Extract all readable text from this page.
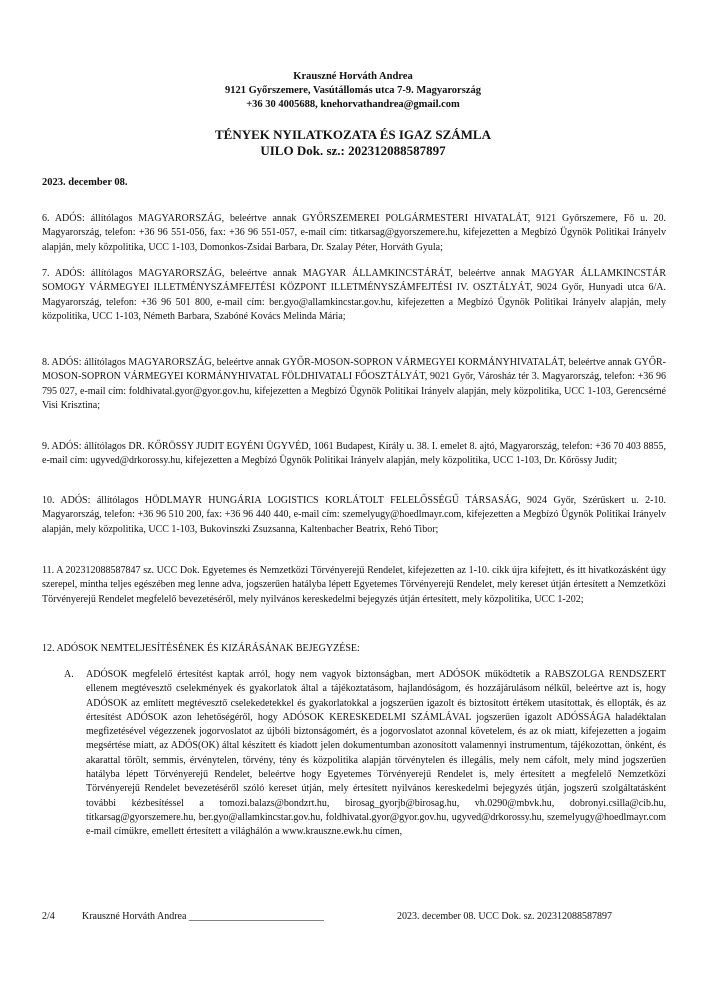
Krauszné Horváth Andrea
9121 Győrszemere, Vasútállomás utca 7-9. Magyarország
+36 30 4005688, knehorvathandrea@gmail.com
TÉNYEK NYILATKOZATA ÉS IGAZ SZÁMLA
UILO Dok. sz.: 202312088587897
2023. december 08.
6. ADÓS: állítólagos MAGYARORSZÁG, beleértve annak GYŐRSZEMEREI POLGÁRMESTERI HIVATALÁT, 9121 Győrszemere, Fő u. 20. Magyarország, telefon: +36 96 551-056, fax: +36 96 551-057, e-mail cím: titkarsag@gyorszemere.hu, kifejezetten a Megbízó Ügynök Politikai Irányelv alapján, mely közpolitika, UCC 1-103, Domonkos-Zsidai Barbara, Dr. Szalay Péter, Horváth Gyula;
7. ADÓS: állítólagos MAGYARORSZÁG, beleértve annak MAGYAR ÁLLAMKINCSTÁRÁT, beleértve annak MAGYAR ÁLLAMKINCSTÁR SOMOGY VÁRMEGYEI ILLETMÉNYSZÁMFEJTÉSI KÖZPONT ILLETMÉNYSZÁMFEJTÉSI IV. OSZTÁLYÁT, 9024 Győr, Hunyadi utca 6/A. Magyarország, telefon: +36 96 501 800, e-mail cím: ber.gyo@allamkincstar.gov.hu, kifejezetten a Megbízó Ügynök Politikai Irányelv alapján, mely közpolitika, UCC 1-103, Németh Barbara, Szabóné Kovács Melinda Mária;
8. ADÓS: állítólagos MAGYARORSZÁG, beleértve annak GYŐR-MOSON-SOPRON VÁRMEGYEI KORMÁNYHIVATALÁT, beleértve annak GYŐR-MOSON-SOPRON VÁRMEGYEI KORMÁNYHIVATAL FÖLDHIVATALI FŐOSZTÁLYÁT, 9021 Győr, Városház tér 3. Magyarország, telefon: +36 96 795 027, e-mail cím: foldhivatal.gyor@gyor.gov.hu, kifejezetten a Megbízó Ügynök Politikai Irányelv alapján, mely közpolitika, UCC 1-103, Gerencsérné Visi Krisztina;
9. ADÓS: állítólagos DR. KŐRÖSSY JUDIT EGYÉNI ÜGYVÉD, 1061 Budapest, Király u. 38. I. emelet 8. ajtó, Magyarország, telefon: +36 70 403 8855, e-mail cím: ugyved@drkorossy.hu, kifejezetten a Megbízó Ügynök Politikai Irányelv alapján, mely közpolitika, UCC 1-103, Dr. Kőrössy Judit;
10. ADÓS: állítólagos HÖDLMAYR HUNGÁRIA LOGISTICS KORLÁTOLT FELELŐSSÉGŰ TÁRSASÁG, 9024 Győr, Szérűskert u. 2-10. Magyarország, telefon: +36 96 510 200, fax: +36 96 440 440, e-mail cím: szemelyugy@hoedlmayr.com, kifejezetten a Megbízó Ügynök Politikai Irányelv alapján, mely közpolitika, UCC 1-103, Bukovinszki Zsuzsanna, Kaltenbacher Beatrix, Rehó Tibor;
11. A 202312088587847 sz. UCC Dok. Egyetemes és Nemzetközi Törvényerejű Rendelet, kifejezetten az 1-10. cikk újra kifejtett, és itt hivatkozásként úgy szerepel, mintha teljes egészében meg lenne adva, jogszerűen hatályba lépett Egyetemes Törvényerejű Rendelet, mely kereset útján értesített a Nemzetközi Törvényerejű Rendelet megfelelő bevezetéséről, mely nyilvános kereskedelmi bejegyzés útján értesített, mely közpolitika, UCC 1-202;
12. ADÓSOK NEMTELJESÍTÉSÉNEK ÉS KIZÁRÁSÁNAK BEJEGYZÉSE:
A. ADÓSOK megfelelő értesítést kaptak arról, hogy nem vagyok biztonságban, mert ADÓSOK működtetik a RABSZOLGA RENDSZERT ellenem megtévesztő cselekmények és gyakorlatok által a tájékoztatásom, hajlandóságom, és hozzájárulásom nélkül, beleértve azt is, hogy ADÓSOK az említett megtévesztő cselekedetekkel és gyakorlatokkal a jogszerűen igazolt és biztosított értékem utasítottak, és ellopták, és az értesítést ADÓSOK azon lehetőségéről, hogy ADÓSOK KERESKEDELMI SZÁMLÁVAL jogszerűen igazolt ADÓSSÁGA haladéktalan megfizetésével végezzenek jogorvoslatot az újbóli biztonságomért, és a jogorvoslatot azonnal követelem, és az ok miatt, kifejezetten a jogaim megsértése miatt, az ADÓS(OK) által készített és kiadott jelen dokumentumban azonosított valamennyi instrumentum, tájékozottan, önként, és akarattal törölt, semmis, érvénytelen, törvény, tény és közpolitika alapján törvénytelen és illegális, mely nem cáfolt, mely mind jogszerűen hatályba lépett Törvényerejű Rendelet, beleértve hogy Egyetemes Törvényerejű Rendelet is, mely értesített a megfelelő Nemzetközi Törvényerejű Rendelet bevezetéséről szóló kereset útján, mely értesített nyilvános kereskedelmi bejegyzés útján, jogszerű szolgáltatásként további kézbesítéssel a tomozi.balazs@bondzrt.hu, birosag_gyorjb@birosag.hu, vh.0290@mbvk.hu, dobronyi.csilla@cib.hu, titkarsag@gyorszemere.hu, ber.gyo@allamkincstar.gov.hu, foldhivatal.gyor@gyor.gov.hu, ugyved@drkorossy.hu, szemelyugy@hoedlmayr.com e-mail címükre, emellett értesített a világhálón a www.krauszne.ewk.hu címen,
2/4	Krauszné Horváth Andrea ___________________________	2023. december 08. UCC Dok. sz. 202312088587897
